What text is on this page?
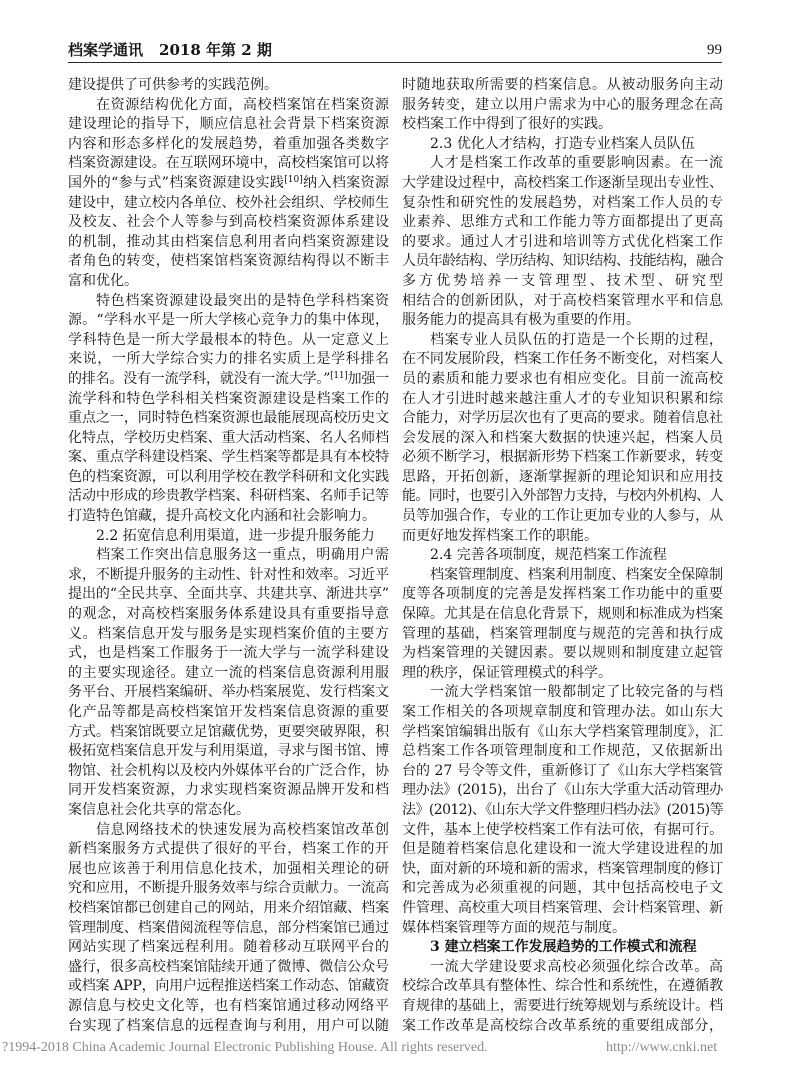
档案学通讯 2018 年第 2 期	99
建设提供了可供参考的实践范例。
在资源结构优化方面，高校档案馆在档案资源
建设理论的指导下，顺应信息社会背景下档案资源
内容和形态多样化的发展趋势，着重加强各类数字
档案资源建设。在互联网环境中，高校档案馆可以将
国外的“参与式”档案资源建设实践[10]纳入档案资源
建设中，建立校内各单位、校外社会组织、学校师生
及校友、社会个人等参与到高校档案资源体系建设
的机制，推动其由档案信息利用者向档案资源建设
者角色的转变，使档案馆档案资源结构得以不断丰
富和优化。
特色档案资源建设最突出的是特色学科档案资
源。“学科水平是一所大学核心竞争力的集中体现，
学科特色是一所大学最根本的特色。从一定意义上
来说，一所大学综合实力的排名实质上是学科排名
的排名。没有一流学科，就没有一流大学。”[11]加强一
流学科和特色学科相关档案资源建设是档案工作的
重点之一，同时特色档案资源也最能展现高校历史文
化特点，学校历史档案、重大活动档案、名人名师档
案、重点学科建设档案、学生档案等都是具有本校特
色的档案资源，可以利用学校在教学科研和文化实践
活动中形成的珍贵教学档案、科研档案、名师手记等
打造特色馆藏，提升高校文化内涵和社会影响力。
2.2 拓宽信息利用渠道，进一步提升服务能力
档案工作突出信息服务这一重点，明确用户需
求，不断提升服务的主动性、针对性和效率。习近平
提出的“全民共享、全面共享、共建共享、渐进共享”
的观念，对高校档案服务体系建设具有重要指导意
义。档案信息开发与服务是实现档案价值的主要方
式，也是档案工作服务于一流大学与一流学科建设
的主要实现途径。建立一流的档案信息资源利用服
务平台、开展档案编研、举办档案展览、发行档案文
化产品等都是高校档案馆开发档案信息资源的重要
方式。档案馆既要立足馆藏优势，更要突破界限，积
极拓宽档案信息开发与利用渠道，寻求与图书馆、博
物馆、社会机构以及校内外媒体平台的广泛合作，协
同开发档案资源，力求实现档案资源品牌开发和档
案信息社会化共享的常态化。
信息网络技术的快速发展为高校档案馆改革创
新档案服务方式提供了很好的平台，档案工作的开
展也应该善于利用信息化技术，加强相关理论的研
究和应用，不断提升服务效率与综合贡献力。一流高
校档案馆都已创建自己的网站，用来介绍馆藏、档案
管理制度、档案借阅流程等信息，部分档案馆已通过
网站实现了档案远程利用。随着移动互联网平台的
盛行，很多高校档案馆陆续开通了微博、微信公众号
或档案 APP，向用户远程推送档案工作动态、馆藏资
源信息与校史文化等，也有档案馆通过移动网络平
台实现了档案信息的远程查询与利用，用户可以随
时随地获取所需要的档案信息。从被动服务向主动
服务转变，建立以用户需求为中心的服务理念在高
校档案工作中得到了很好的实践。
2.3 优化人才结构，打造专业档案人员队伍
人才是档案工作改革的重要影响因素。在一流
大学建设过程中，高校档案工作逐渐呈现出专业性、
复杂性和研究性的发展趋势，对档案工作人员的专
业素养、思维方式和工作能力等方面都提出了更高
的要求。通过人才引进和培训等方式优化档案工作
人员年龄结构、学历结构、知识结构、技能结构，融合
多方优势培养一支管理型、技术型、研究型
相结合的创新团队，对于高校档案管理水平和信息
服务能力的提高具有极为重要的作用。
档案专业人员队伍的打造是一个长期的过程，
在不同发展阶段，档案工作任务不断变化，对档案人
员的素质和能力要求也有相应变化。目前一流高校
在人才引进时越来越注重人才的专业知识积累和综
合能力，对学历层次也有了更高的要求。随着信息社
会发展的深入和档案大数据的快速兴起，档案人员
必须不断学习，根据新形势下档案工作新要求，转变
思路，开拓创新，逐渐掌握新的理论知识和应用技
能。同时，也要引入外部智力支持，与校内外机构、人
员等加强合作，专业的工作让更加专业的人参与，从
而更好地发挥档案工作的职能。
2.4 完善各项制度，规范档案工作流程
档案管理制度、档案利用制度、档案安全保障制
度等各项制度的完善是发挥档案工作功能中的重要
保障。尤其是在信息化背景下，规则和标准成为档案
管理的基础，档案管理制度与规范的完善和执行成
为档案管理的关键因素。要以规则和制度建立起管
理的秩序，保证管理模式的科学。
一流大学档案馆一般都制定了比较完备的与档
案工作相关的各项规章制度和管理办法。如山东大
学档案馆编辑出版有《山东大学档案管理制度》，汇
总档案工作各项管理制度和工作规范，又依据新出
台的 27 号令等文件，重新修订了《山东大学档案管
理办法》(2015)，出台了《山东大学重大活动管理办
法》(2012)、《山东大学文件整理归档办法》(2015)等
文件，基本上使学校档案工作有法可依，有据可行。
但是随着档案信息化建设和一流大学建设进程的加
快，面对新的环境和新的需求，档案管理制度的修订
和完善成为必须重视的问题，其中包括高校电子文
件管理、高校重大项目档案管理、会计档案管理、新
媒体档案管理等方面的规范与制度。
3 建立档案工作发展趋势的工作模式和流程
一流大学建设要求高校必须强化综合改革。高
校综合改革具有整体性、综合性和系统性，在遵循教
育规律的基础上，需要进行统筹规划与系统设计。档
案工作改革是高校综合改革系统的重要组成部分，
?1994-2018 China Academic Journal Electronic Publishing House. All rights reserved.	http://www.cnki.net
